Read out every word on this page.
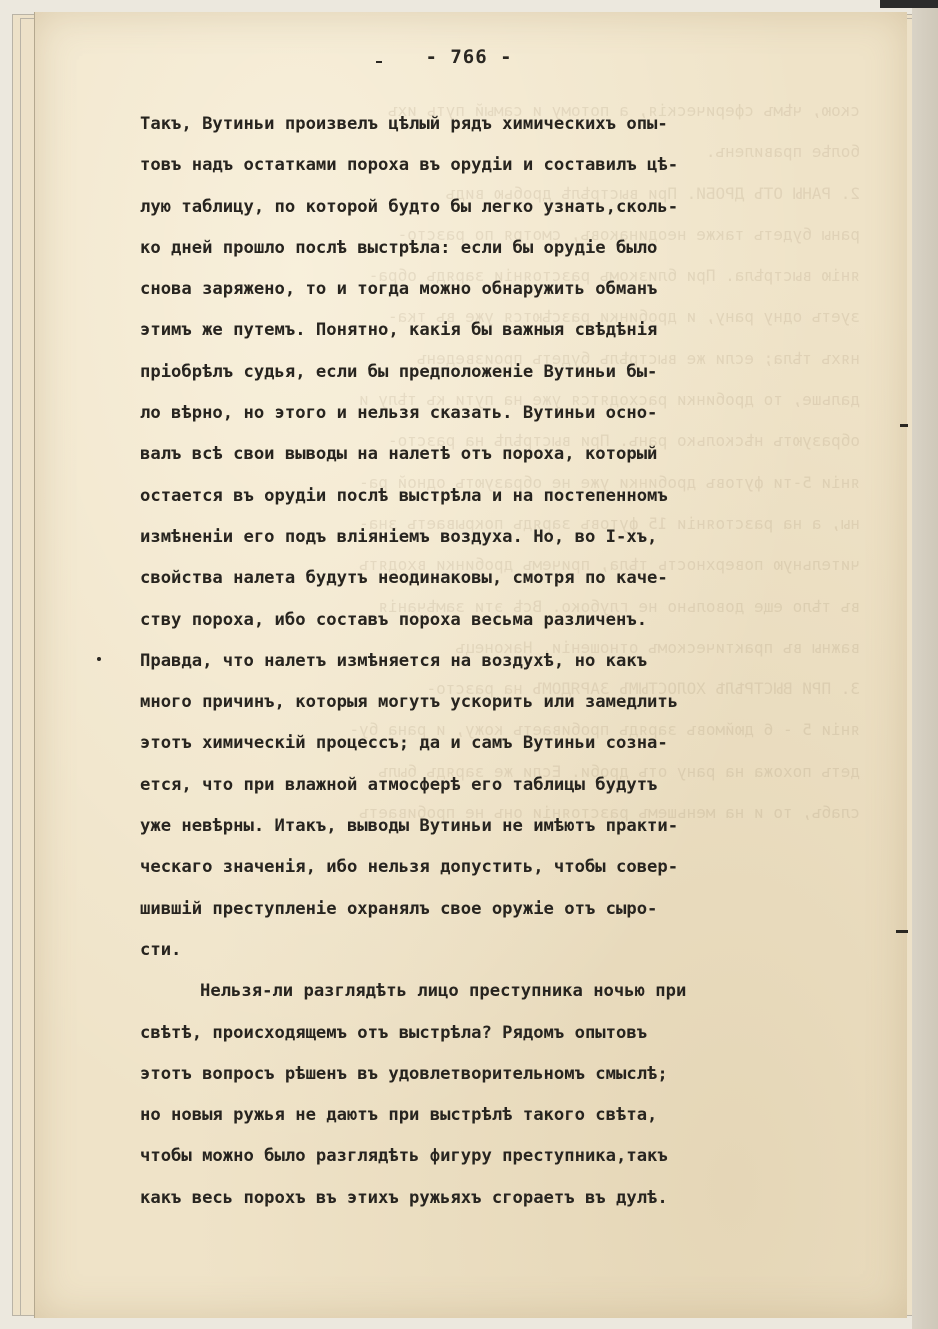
- 766 -
Такъ, Вутиньи произвелъ цѣлый рядъ химическихъ опы-
товъ надъ остатками пороха въ орудіи и составилъ цѣ-
лую таблицу, по которой будто бы легко узнать,сколь-
ко дней прошло послѣ выстрѣла: если бы орудіе было
снова заряжено, то и тогда можно обнаружить обманъ
этимъ же путемъ. Понятно, какія бы важныя свѣдѣнія
пріобрѣлъ судья, если бы предположеніе Вутиньи бы-
ло вѣрно, но этого и нельзя сказать. Вутиньи осно-
валъ всѣ свои выводы на налетѣ отъ пороха, который
остается въ орудіи послѣ выстрѣла и на постепенномъ
измѣненіи его подъ вліяніемъ воздуха. Но, во I-хъ,
свойства налета будутъ неодинаковы, смотря по каче-
ству пороха, ибо составъ пороха весьма различенъ.
Правда, что налетъ измѣняется на воздухѣ, но какъ
много причинъ, которыя могутъ ускорить или замедлить
этотъ химическій процессъ; да и самъ Вутиньи созна-
ется, что при влажной атмосферѣ его таблицы будутъ
уже невѣрны. Итакъ, выводы Вутиньи не имѣютъ практи-
ческаго значенія, ибо нельзя допустить, чтобы совер-
шившій преступленіе охранялъ свое оружіе отъ сыро-
сти.
Нельзя-ли разглядѣть лицо преступника ночью при
свѣтѣ, происходящемъ отъ выстрѣла? Рядомъ опытовъ
этотъ вопросъ рѣшенъ въ удовлетворительномъ смыслѣ;
но новыя ружья не даютъ при выстрѣлѣ такого свѣта,
чтобы можно было разглядѣть фигуру преступника,такъ
какъ весь порохъ въ этихъ ружьяхъ сгораетъ въ дулѣ.
